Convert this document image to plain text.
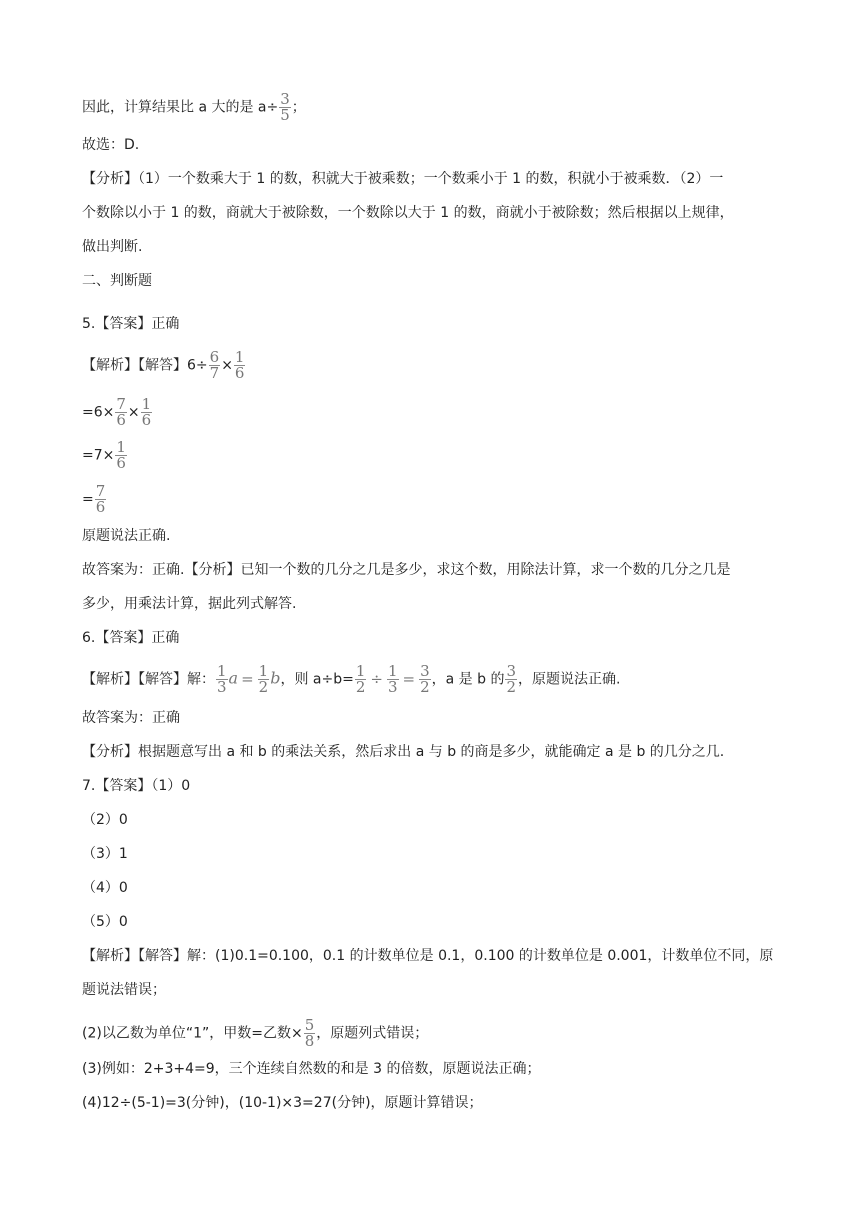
因此，计算结果比 a 大的是 $a\div \frac{3}{5}$ ；
故选：D.
【分析】（1）一个数乘大于 1 的数，积就大于被乘数；一个数乘小于 1 的数，积就小于被乘数．（2）一
个数除以小于 1 的数，商就大于被除数，一个数除以大于 1 的数，商就小于被除数；然后根据以上规律，
做出判断.
二、判断题
5.【答案】正确
【解析】【解答】$6\div \frac{6}{7} \times \frac{1}{6}$
$=6\times \frac{7}{6} \times \frac{1}{6}$
$=7\times \frac{1}{6}$
= $\frac{7}{6}$
原题说法正确.
故答案为：正确.【分析】已知一个数的几分之几是多少，求这个数，用除法计算，求一个数的几分之几是
多少，用乘法计算，据此列式解答.
6.【答案】正确
【解析】【解答】解： $\frac{1}{3}$ $a = \frac{1}{2}$ b，则 $a\div b= \frac{1}{2} \div \frac{1}{3} = \frac{3}{2}$ ，a 是 b 的 $\frac{3}{2}$ ，原题说法正确.
故答案为：正确
【分析】根据题意写出 a 和 b 的乘法关系，然后求出 a 与 b 的商是多少，就能确定 a 是 b 的几分之几.
7.【答案】（1）0
（2）0
（3）1
（4）0
（5）0
【解析】【解答】解：(1)0.1=0.100，0.1 的计数单位是 0.1，0.100 的计数单位是 0.001，计数单位不同，原
题说法错误；
(2)以乙数为单位“1”，甲数=乙数× $\frac{5}{8}$ ，原题列式错误；
(3)例如：2+3+4=9，三个连续自然数的和是 3 的倍数，原题说法正确；
(4)12÷(5-1)=3(分钟)，(10-1)×3=27(分钟)，原题计算错误；
